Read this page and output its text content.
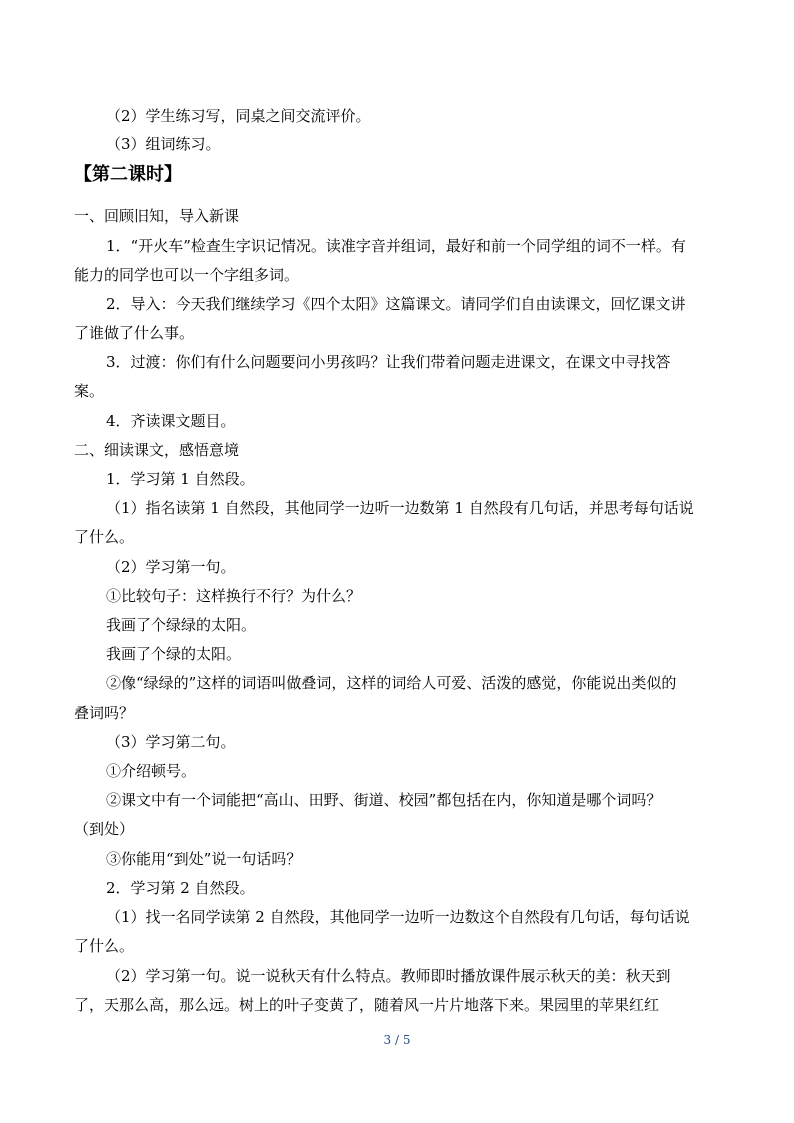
（2）学生练习写，同桌之间交流评价。
（3）组词练习。
【第二课时】
一、回顾旧知，导入新课
1．“开火车”检查生字识记情况。读准字音并组词，最好和前一个同学组的词不一样。有
能力的同学也可以一个字组多词。
2．导入：今天我们继续学习《四个太阳》这篇课文。请同学们自由读课文，回忆课文讲
了谁做了什么事。
3．过渡：你们有什么问题要问小男孩吗？让我们带着问题走进课文，在课文中寻找答
案。
4．齐读课文题目。
二、细读课文，感悟意境
1．学习第 1 自然段。
（1）指名读第 1 自然段，其他同学一边听一边数第 1 自然段有几句话，并思考每句话说
了什么。
（2）学习第一句。
①比较句子：这样换行不行？为什么？
我画了个绿绿的太阳。
我画了个绿的太阳。
②像“绿绿的”这样的词语叫做叠词，这样的词给人可爱、活泼的感觉，你能说出类似的
叠词吗？
（3）学习第二句。
①介绍顿号。
②课文中有一个词能把“高山、田野、街道、校园”都包括在内，你知道是哪个词吗？
（到处）
③你能用“到处”说一句话吗？
2．学习第 2 自然段。
（1）找一名同学读第 2 自然段，其他同学一边听一边数这个自然段有几句话，每句话说
了什么。
（2）学习第一句。说一说秋天有什么特点。教师即时播放课件展示秋天的美：秋天到
了，天那么高，那么远。树上的叶子变黄了，随着风一片片地落下来。果园里的苹果红红
3 / 5
